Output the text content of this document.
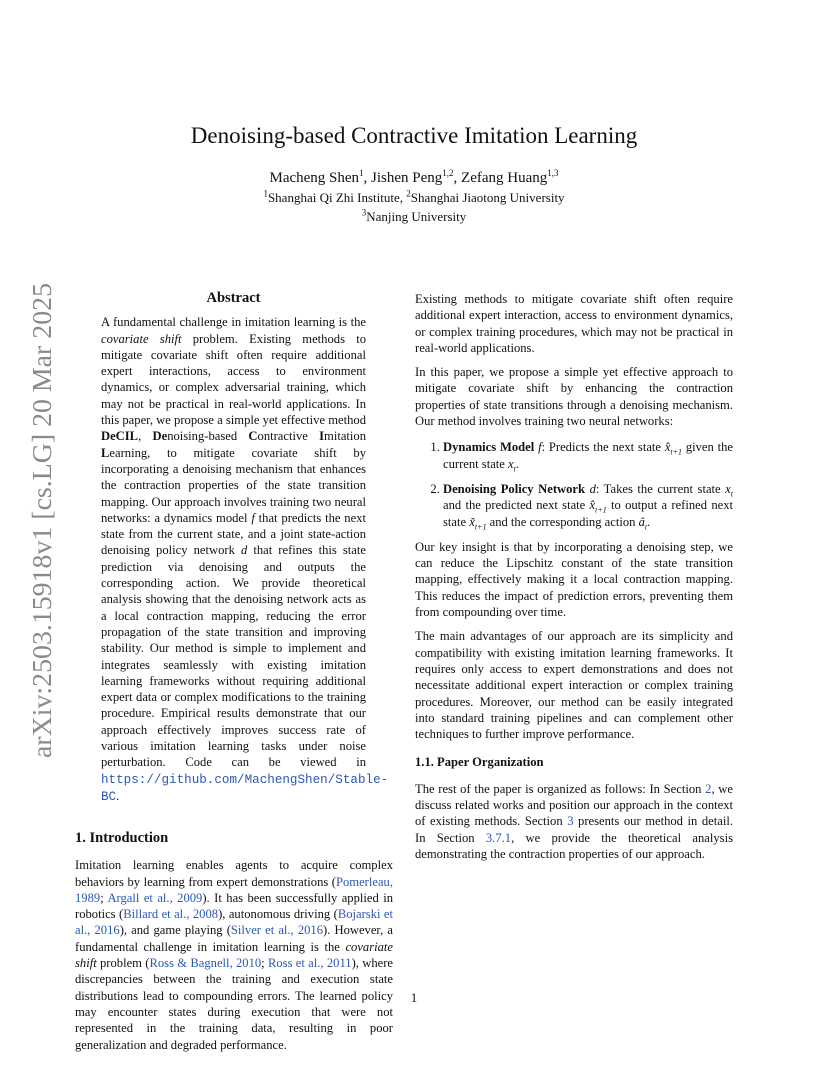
arXiv:2503.15918v1 [cs.LG] 20 Mar 2025
Denoising-based Contractive Imitation Learning
Macheng Shen$^1$, Jishen Peng$^{1,2}$, Zefang Huang$^{1,3}$
$^1$Shanghai Qi Zhi Institute, $^2$Shanghai Jiaotong University
$^3$Nanjing University

Abstract

A fundamental challenge in imitation learning is the covariate shift problem. Existing methods to mitigate covariate shift often require additional expert interactions, access to environment dynamics, or complex adversarial training, which may not be practical in real-world applications. In this paper, we propose a simple yet effective method DeCIL, Denoising-based Contractive Imitation Learning, to mitigate covariate shift by incorporating a denoising mechanism that enhances the contraction properties of the state transition mapping. Our approach involves training two neural networks: a dynamics model f that predicts the next state from the current state, and a joint state-action denoising policy network d that refines this state prediction via denoising and outputs the corresponding action. We provide theoretical analysis showing that the denoising network acts as a local contraction mapping, reducing the error propagation of the state transition and improving stability. Our method is simple to implement and integrates seamlessly with existing imitation learning frameworks without requiring additional expert data or complex modifications to the training procedure. Empirical results demonstrate that our approach effectively improves success rate of various imitation learning tasks under noise perturbation. Code can be viewed in https://github.com/MachengShen/Stable-BC.

1. Introduction

Imitation learning enables agents to acquire complex behaviors by learning from expert demonstrations (Pomerleau, 1989; Argall et al., 2009). It has been successfully applied in robotics (Billard et al., 2008), autonomous driving (Bojarski et al., 2016), and game playing (Silver et al., 2016). However, a fundamental challenge in imitation learning is the covariate shift problem (Ross & Bagnell, 2010; Ross et al., 2011), where discrepancies between the training and execution state distributions lead to compounding errors. The learned policy may encounter states during execution that were not represented in the training data, resulting in poor generalization and degraded performance.

Existing methods to mitigate covariate shift often require additional expert interaction, access to environment dynamics, or complex training procedures, which may not be practical in real-world applications.

In this paper, we propose a simple yet effective approach to mitigate covariate shift by enhancing the contraction properties of state transitions through a denoising mechanism. Our method involves training two neural networks:

1. Dynamics Model f: Predicts the next state $x̂_{t+1}$ given the current state $x_t$.
2. Denoising Policy Network d: Takes the current state $x_t$ and the predicted next state $x̂_{t+1}$ to output a refined next state $x̃_{t+1}$ and the corresponding action $â_t$.

Our key insight is that by incorporating a denoising step, we can reduce the Lipschitz constant of the state transition mapping, effectively making it a local contraction mapping. This reduces the impact of prediction errors, preventing them from compounding over time.

The main advantages of our approach are its simplicity and compatibility with existing imitation learning frameworks. It requires only access to expert demonstrations and does not necessitate additional expert interaction or complex training procedures. Moreover, our method can be easily integrated into standard training pipelines and can complement other techniques to further improve performance.

1.1. Paper Organization

The rest of the paper is organized as follows: In Section 2, we discuss related works and position our approach in the context of existing methods. Section 3 presents our method in detail. In Section 3.7.1, we provide the theoretical analysis demonstrating the contraction properties of our approach.

1
